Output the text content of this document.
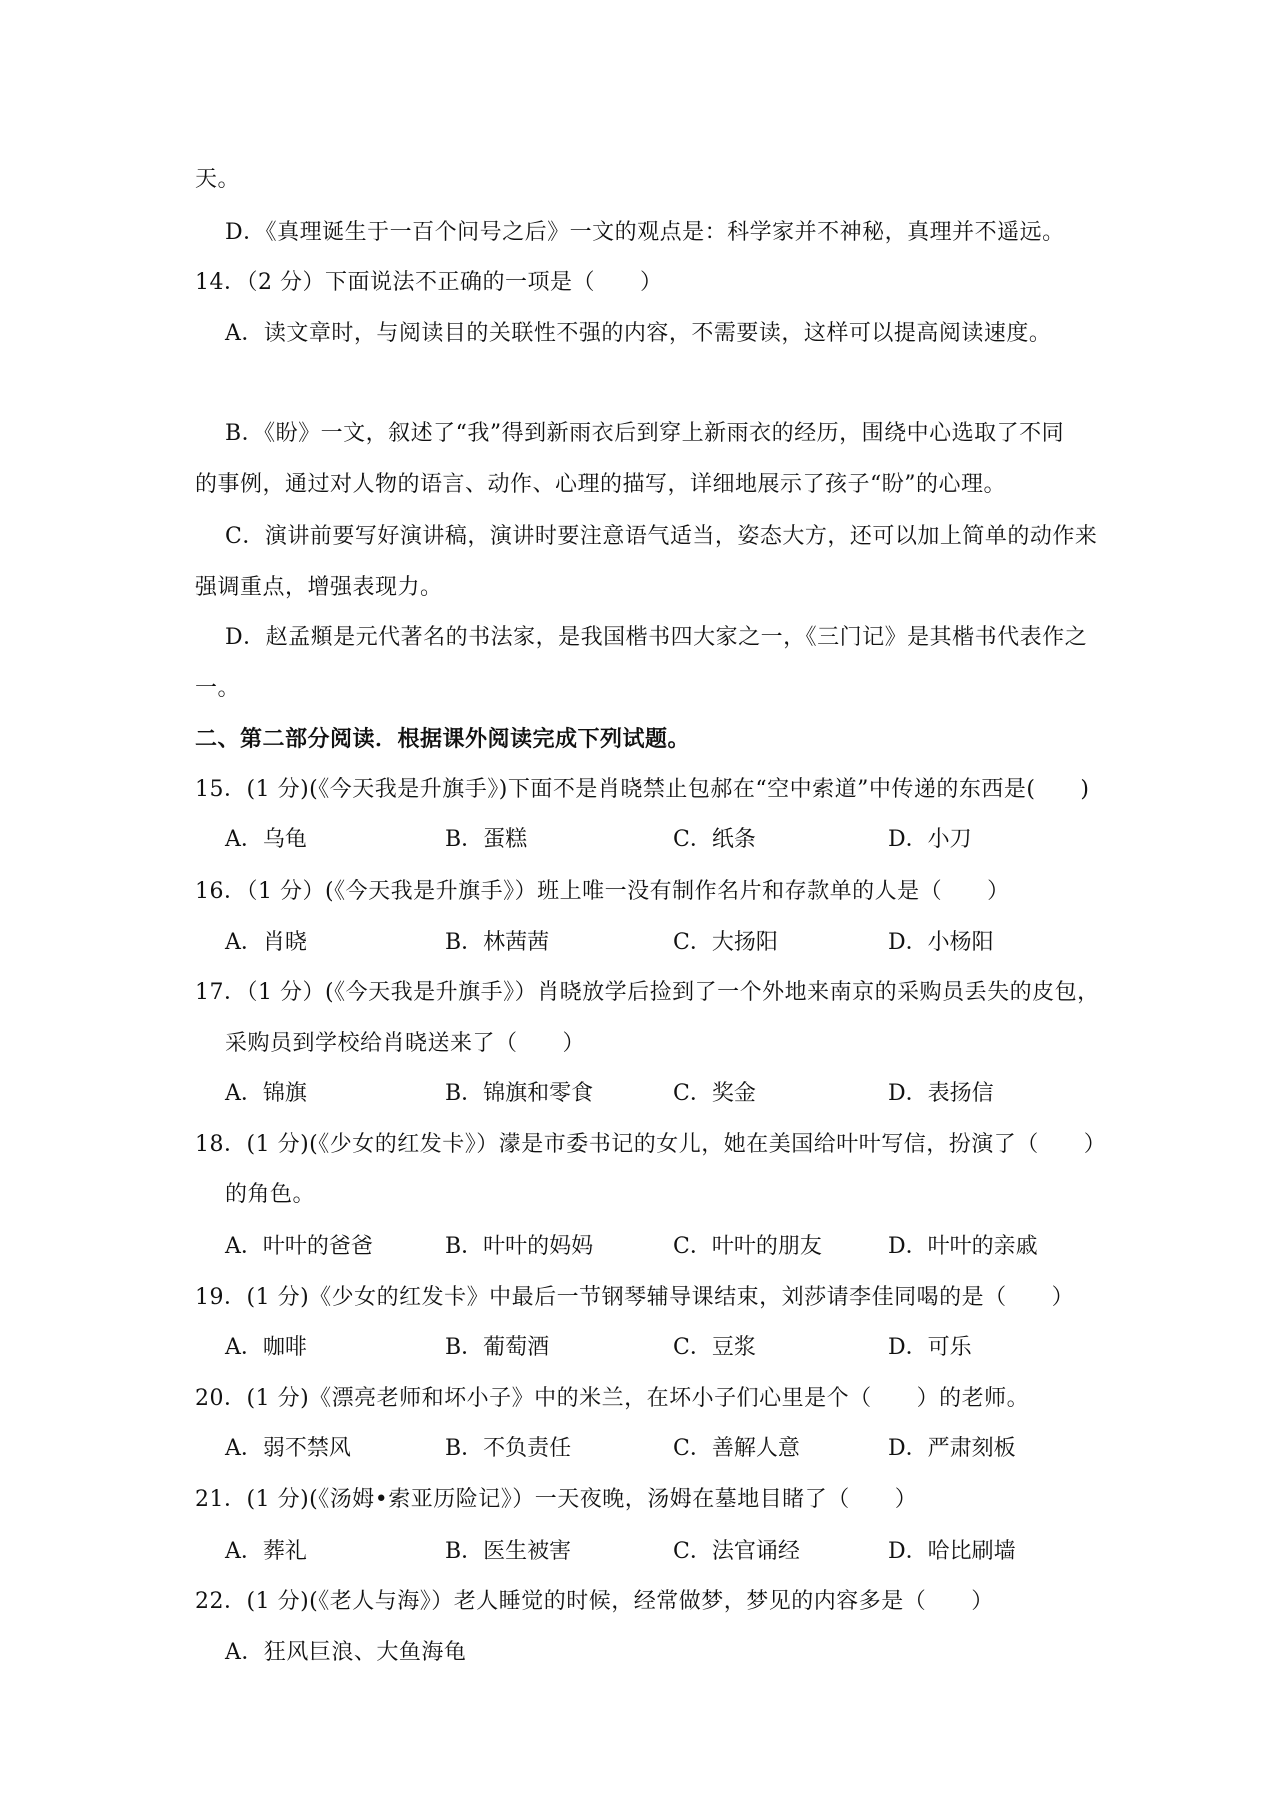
天。
D．《真理诞生于一百个问号之后》一文的观点是：科学家并不神秘，真理并不遥远。
14．（2 分）下面说法不正确的一项是（　　）
A．读文章时，与阅读目的关联性不强的内容，不需要读，这样可以提高阅读速度。
B．《盼》一文，叙述了“我”得到新雨衣后到穿上新雨衣的经历，围绕中心选取了不同
的事例，通过对人物的语言、动作、心理的描写，详细地展示了孩子“盼”的心理。
C．演讲前要写好演讲稿，演讲时要注意语气适当，姿态大方，还可以加上简单的动作来
强调重点，增强表现力。
D．赵孟頫是元代著名的书法家，是我国楷书四大家之一，《三门记》是其楷书代表作之
一。
二、第二部分阅读．根据课外阅读完成下列试题。
15．(1 分)(《今天我是升旗手》)下面不是肖晓禁止包郝在“空中索道”中传递的东西是(　　)
A．乌龟	B．蛋糕	C．纸条	D．小刀
16．（1 分）(《今天我是升旗手》）班上唯一没有制作名片和存款单的人是（　　）
A．肖晓	B．林茜茜	C．大扬阳	D．小杨阳
17．（1 分）(《今天我是升旗手》）肖晓放学后捡到了一个外地来南京的采购员丢失的皮包，
采购员到学校给肖晓送来了（　　）
A．锦旗	B．锦旗和零食	C．奖金	D．表扬信
18．(1 分)(《少女的红发卡》）濛是市委书记的女儿，她在美国给叶叶写信，扮演了（　　）
的角色。
A．叶叶的爸爸	B．叶叶的妈妈	C．叶叶的朋友	D．叶叶的亲戚
19．(1 分)《少女的红发卡》中最后一节钢琴辅导课结束，刘莎请李佳同喝的是（　　）
A．咖啡	B．葡萄酒	C．豆浆	D．可乐
20．(1 分)《漂亮老师和坏小子》中的米兰，在坏小子们心里是个（　　）的老师。
A．弱不禁风	B．不负责任	C．善解人意	D．严肃刻板
21．(1 分)(《汤姆•索亚历险记》）一天夜晚，汤姆在墓地目睹了（　　）
A．葬礼	B．医生被害	C．法官诵经	D．哈比刷墙
22．(1 分)(《老人与海》）老人睡觉的时候，经常做梦，梦见的内容多是（　　）
A．狂风巨浪、大鱼海龟
